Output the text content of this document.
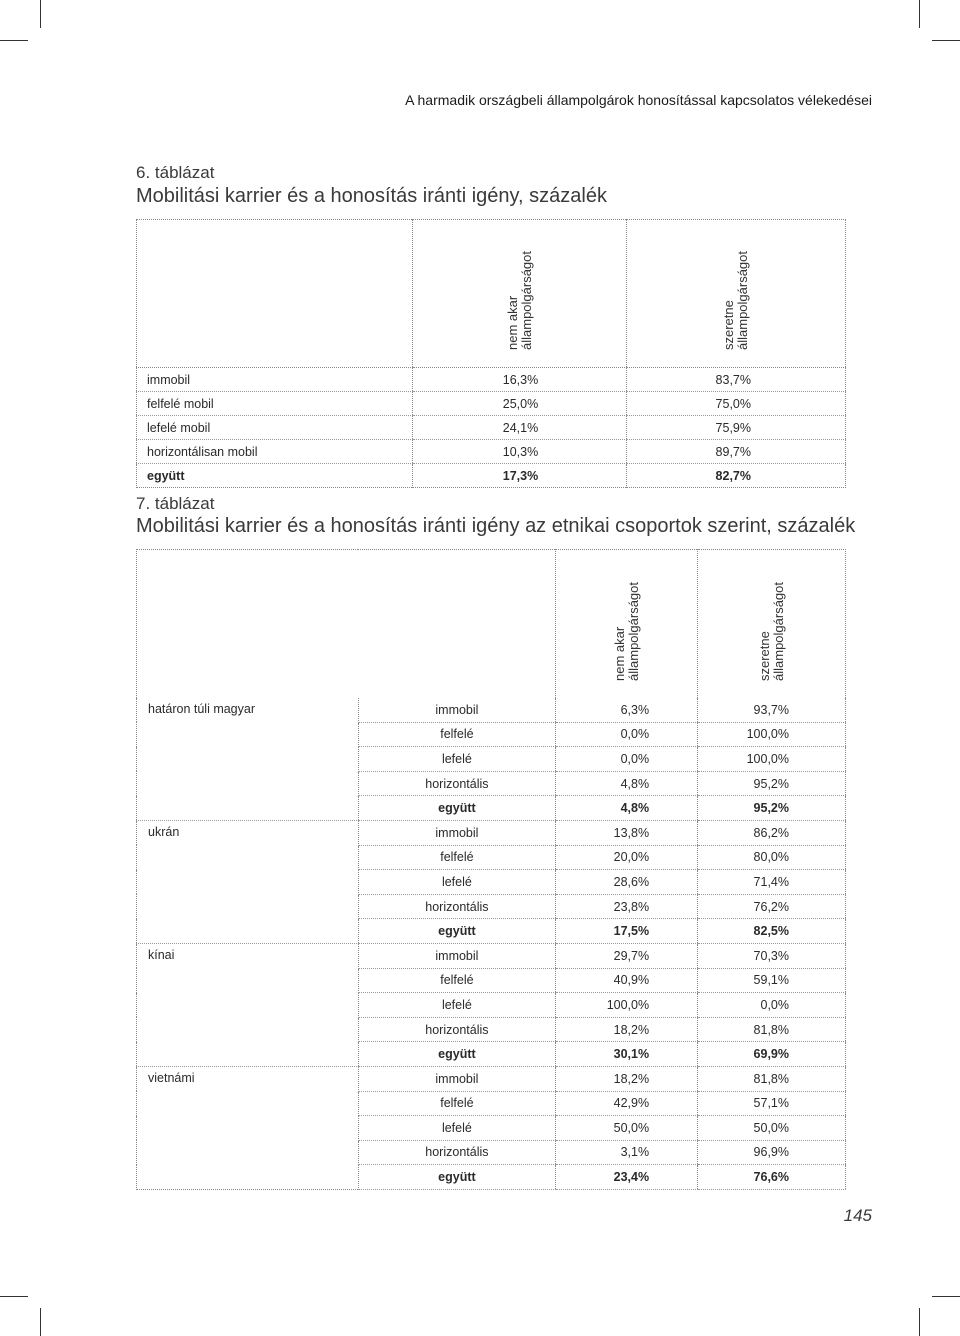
A harmadik országbeli állampolgárok honosítással kapcsolatos vélekedései
6. táblázat
Mobilitási karrier és a honosítás iránti igény, százalék
	nem akar állampolgárságot	szeretne állampolgárságot
immobil	16,3%	83,7%
felfelé mobil	25,0%	75,0%
lefelé mobil	24,1%	75,9%
horizontálisan mobil	10,3%	89,7%
együtt	17,3%	82,7%
7. táblázat
Mobilitási karrier és a honosítás iránti igény az etnikai csoportok szerint, százalék
		nem akar állampolgárságot	szeretne állampolgárságot
határon túli magyar	immobil	6,3%	93,7%
	felfelé	0,0%	100,0%
	lefelé	0,0%	100,0%
	horizontális	4,8%	95,2%
	együtt	4,8%	95,2%
ukrán	immobil	13,8%	86,2%
	felfelé	20,0%	80,0%
	lefelé	28,6%	71,4%
	horizontális	23,8%	76,2%
	együtt	17,5%	82,5%
kínai	immobil	29,7%	70,3%
	felfelé	40,9%	59,1%
	lefelé	100,0%	0,0%
	horizontális	18,2%	81,8%
	együtt	30,1%	69,9%
vietnámi	immobil	18,2%	81,8%
	felfelé	42,9%	57,1%
	lefelé	50,0%	50,0%
	horizontális	3,1%	96,9%
	együtt	23,4%	76,6%
145
